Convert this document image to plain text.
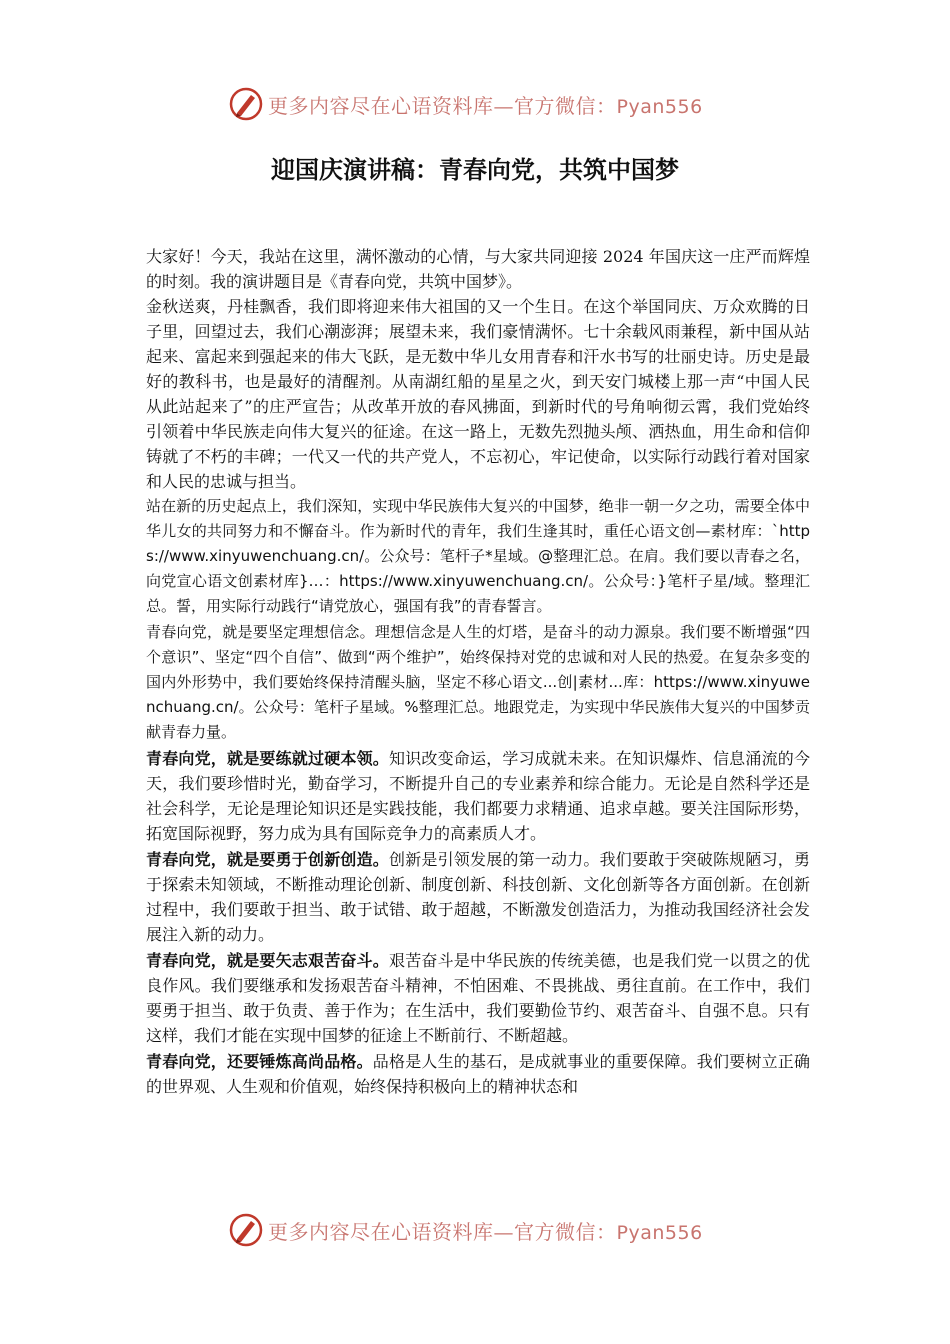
更多内容尽在心语资料库—官方微信：Pyan556
迎国庆演讲稿：青春向党，共筑中国梦

大家好！今天，我站在这里，满怀激动的心情，与大家共同迎接 2024 年国庆这一庄严而辉煌的时刻。我的演讲题目是《青春向党，共筑中国梦》。

金秋送爽，丹桂飘香，我们即将迎来伟大祖国的又一个生日。在这个举国同庆、万众欢腾的日子里，回望过去，我们心潮澎湃；展望未来，我们豪情满怀。七十余载风雨兼程，新中国从站起来、富起来到强起来的伟大飞跃，是无数中华儿女用青春和汗水书写的壮丽史诗。历史是最好的教科书，也是最好的清醒剂。从南湖红船的星星之火，到天安门城楼上那一声“中国人民从此站起来了”的庄严宣告；从改革开放的春风拂面，到新时代的号角响彻云霄，我们党始终引领着中华民族走向伟大复兴的征途。在这一路上，无数先烈抛头颅、洒热血，用生命和信仰铸就了不朽的丰碑；一代又一代的共产党人，不忘初心，牢记使命，以实际行动践行着对国家和人民的忠诚与担当。

站在新的历史起点上，我们深知，实现中华民族伟大复兴的中国梦，绝非一朝一夕之功，需要全体中华儿女的共同努力和不懈奋斗。作为新时代的青年，我们生逢其时，重任心语文创—素材库：`https://www.xinyuwenchuang.cn/。公众号：笔杆子*星域。@整理汇总。在肩。我们要以青春之名，向党宣心语文创素材库}…：https://www.xinyuwenchuang.cn/。公众号：}笔杆子星/域。整理汇总。誓，用实际行动践行“请党放心，强国有我”的青春誓言。

青春向党，就是要坚定理想信念。理想信念是人生的灯塔，是奋斗的动力源泉。我们要不断增强“四个意识”、坚定“四个自信”、做到“两个维护”，始终保持对党的忠诚和对人民的热爱。在复杂多变的国内外形势中，我们要始终保持清醒头脑，坚定不移心语文...创|素材...库：https://www.xinyuwenchuang.cn/。公众号：笔杆子星域。%整理汇总。地跟党走，为实现中华民族伟大复兴的中国梦贡献青春力量。

青春向党，就是要练就过硬本领。知识改变命运，学习成就未来。在知识爆炸、信息涌流的今天，我们要珍惜时光，勤奋学习，不断提升自己的专业素养和综合能力。无论是自然科学还是社会科学，无论是理论知识还是实践技能，我们都要力求精通、追求卓越。要关注国际形势，拓宽国际视野，努力成为具有国际竞争力的高素质人才。

青春向党，就是要勇于创新创造。创新是引领发展的第一动力。我们要敢于突破陈规陋习，勇于探索未知领域，不断推动理论创新、制度创新、科技创新、文化创新等各方面创新。在创新过程中，我们要敢于担当、敢于试错、敢于超越，不断激发创造活力，为推动我国经济社会发展注入新的动力。

青春向党，就是要矢志艰苦奋斗。艰苦奋斗是中华民族的传统美德，也是我们党一以贯之的优良作风。我们要继承和发扬艰苦奋斗精神，不怕困难、不畏挑战、勇往直前。在工作中，我们要勇于担当、敢于负责、善于作为；在生活中，我们要勤俭节约、艰苦奋斗、自强不息。只有这样，我们才能在实现中国梦的征途上不断前行、不断超越。

青春向党，还要锤炼高尚品格。品格是人生的基石，是成就事业的重要保障。我们要树立正确的世界观、人生观和价值观，始终保持积极向上的精神状态和

更多内容尽在心语资料库—官方微信：Pyan556
